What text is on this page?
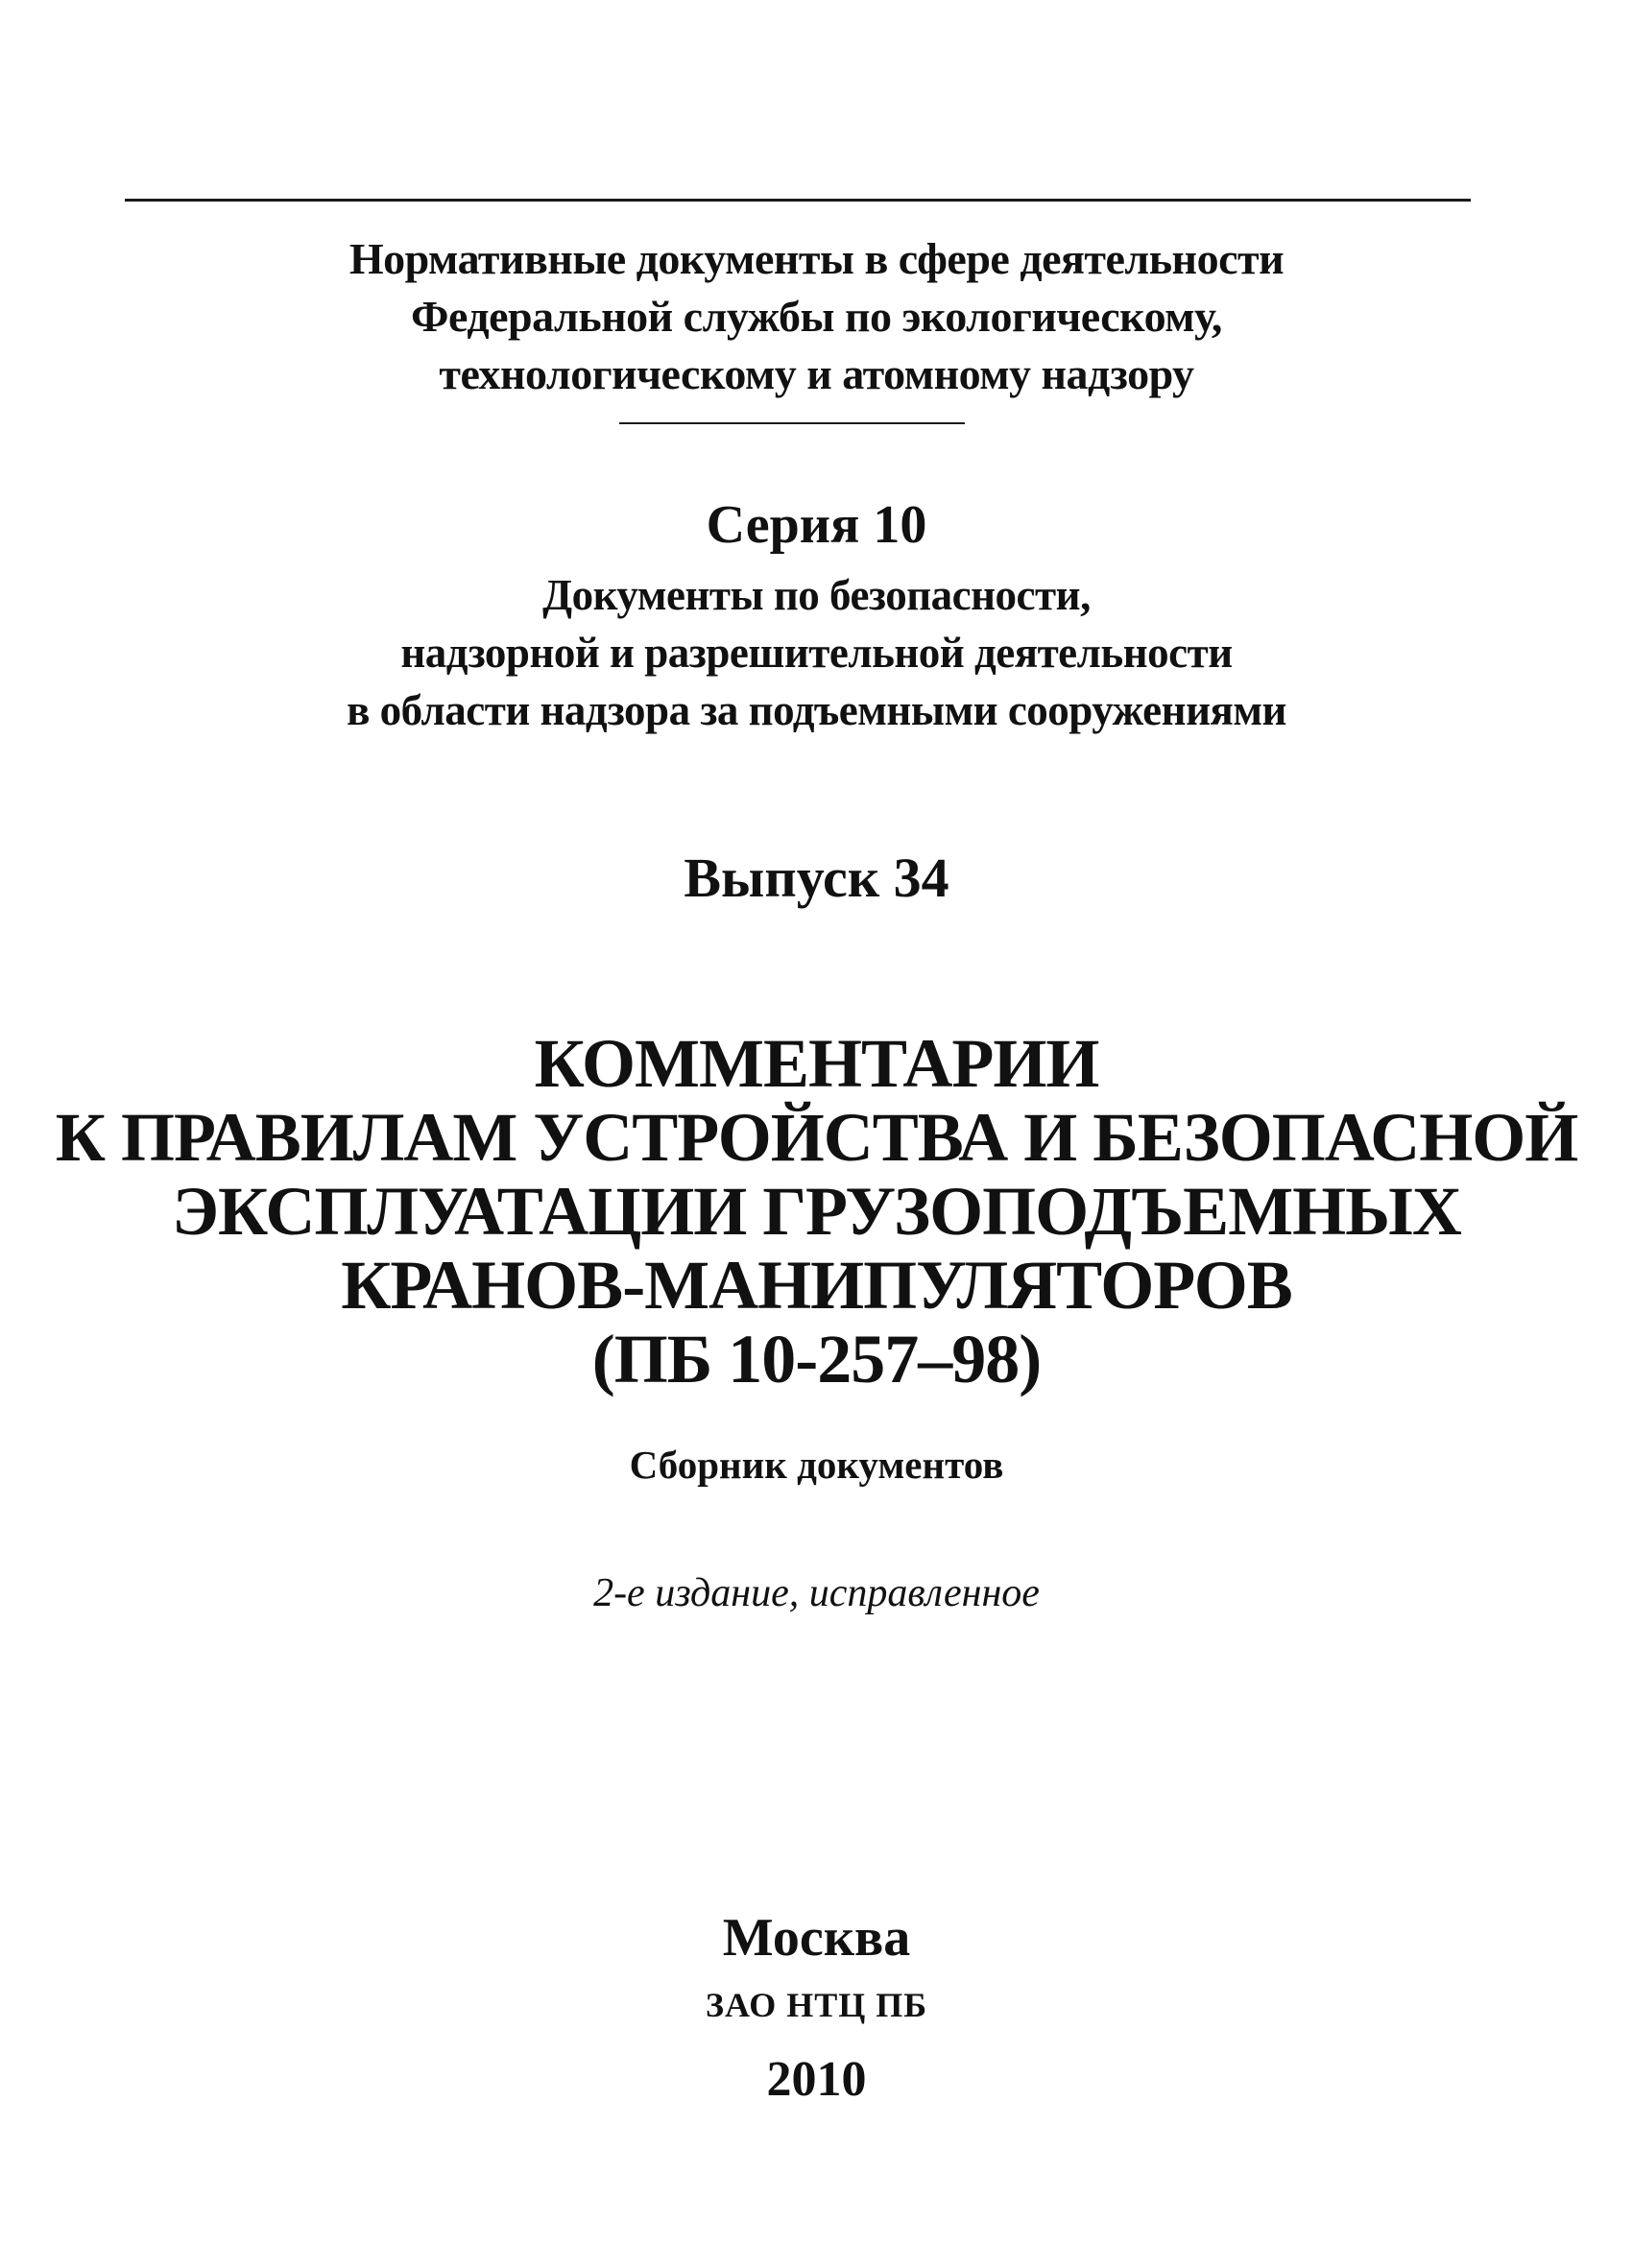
Нормативные документы в сфере деятельности
Федеральной службы по экологическому,
технологическому и атомному надзору
Серия 10
Документы по безопасности,
надзорной и разрешительной деятельности
в области надзора за подъемными сооружениями
Выпуск 34
КОММЕНТАРИИ
К ПРАВИЛАМ УСТРОЙСТВА И БЕЗОПАСНОЙ
ЭКСПЛУАТАЦИИ ГРУЗОПОДЪЕМНЫХ
КРАНОВ-МАНИПУЛЯТОРОВ
(ПБ 10-257–98)
Сборник документов
2-е издание, исправленное
Москва
ЗАО НТЦ ПБ
2010
